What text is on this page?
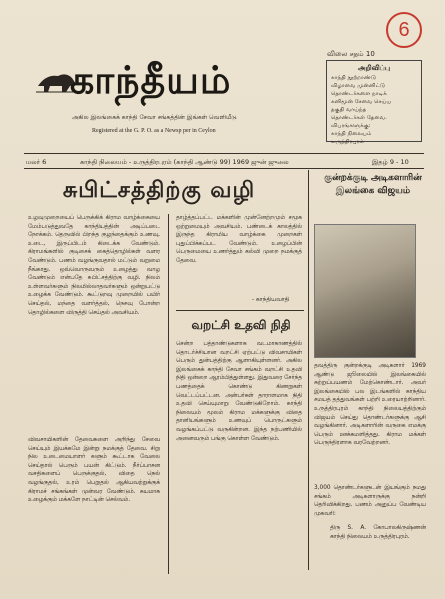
6
காந்தீயம்
விலை சதம் 10
அறிவிப்பு
காந்தி நூற்றாண்டு
விழாவை முன்னிட்டு
தொண்டர்களை நாடிக்
கனிமூன் சேவை செய்ய
தகுதி வாய்ந்த
தொண்டர்கள் தேவை.
விபரங்களுக்கு:
காந்தி நிலையம்
உருத்திரபுரம்
அகில இலங்கைக் காந்தி சேவா சங்கத்தின் இங்கள் வெளியீடு
Registered at the G. P. O. as a Newsp per in Ceylon
மலர் 6	காந்தி நிலையம் - உருத்திரபுரம் (காந்தி ஆண்டு 99) 1969 ஜுன் ஜுலை	இதழ் 9 - 10
சுபிட்சத்திற்கு வழி	குன்றக்குடி அடிகளாரின் இலங்கை விஜயம்
தவத்திரு குன்றக்குடி அடிகளார் 1969 ஆண்டு ஜூலையில் இலங்கையில் சுற்றுப்பயணம் மேற்கொண்டார். அவர் இலங்கையில் பல இடங்களில் காந்திய சமயத் தத்துவங்கள் பற்றி உரையாற்றினார். உருத்திரபுரம் காந்தி நிலையத்திற்கும் விஜயம் செய்து தொண்டர்களுக்கு ஆசி வழங்கினார். அடிகளாரின் வருகை எமக்கு பெரும் ஊக்கமளித்தது. கிராம மக்கள் பெருந்திரளாக வரவேற்றனர்.
3,000 தொண்டர்களுடன் இயங்கும் நமது சங்கம் அடிகளாருக்கு நன்றி தெரிவிக்கிறது. பணம் அனுப்ப வேண்டிய முகவரி:
திரு S. A. கோபாலகிருஷ்ணன் காந்தி நிலையம் உருத்திரபுரம்.
உழவுமுறையைப் பெருக்கிக் கிராம வாழ்க்கையை மேம்படுத்துவதே காந்தியத்தின் அடிப்படை நோக்கம். தெருவில் பிறந்த குழந்தைக்கும் உணவு, உடை, இருப்பிடம் கிடைக்க வேண்டும். கிராமங்களில் குடிசைக் கைத்தொழில்கள் வளர வேண்டும். பணம் வழங்குவதால் மட்டும் வறுமை நீங்காது. ஒவ்வொருவரும் உழைத்து வாழ வேண்டும் என்பதே சுபிட்சத்திற்கு வழி. நிலம் உள்ளவர்களும் நிலமில்லாதவர்களும் ஒன்றுபட்டு உழைக்க வேண்டும். கூட்டுறவு முறையில் பயிர் செய்தல், மந்தை வளர்த்தல், நெசவு போன்ற தொழில்களை விருத்தி செய்தல் அவசியம்.
விவசாயிகளின் தேவைகளை அறிந்து சேவை செய்யும் இயக்கமே இன்று நமக்குத் தேவை. சிறு நில உடைமையாளர் களும் கூட்டாக வேலை செய்தால் பெரும் பயன் கிட்டும். நீர்ப்பாசன வசதிகளைப் பெருக்குதல், விதை நெல் வழங்குதல், உரம் பெறுதல் ஆகியவற்றுக்குக் கிராமச் சங்கங்கள் முன்வர வேண்டும். சுயமாக உழைக்கும் மக்களே நாட்டின் செல்வம்.
தாழ்த்தப்பட்ட மக்களின் முன்னேற்றமும் சமூக ஒற்றுமையும் அவசியம். பண்டைக் காலத்தில் இருந்த கிராமிய வாழ்க்கை முறைகள் புதுப்பிக்கப்பட வேண்டும். உழைப்பின் பெருமையை உணர்த்தும் கல்வி முறை நமக்குத் தேவை.
- காந்தியவாதி
வறட்சி உதவி நிதி
சென்ற பத்தாண்டுகளாக வடமாகாணத்தில் தொடர்ச்சியான வறட்சி ஏற்பட்டு விவசாயிகள் பெரும் துன்பத்திற்கு ஆளாகியுள்ளனர். அகில இலங்கைக் காந்தி சேவா சங்கம் வறட்சி உதவி நிதி ஒன்றை ஆரம்பித்துள்ளது. இதுவரை சேர்ந்த பணத்தைக் கொண்டு கிணறுகள் வெட்டப்பட்டன. அன்பர்கள் தாராளமாக நிதி உதவி செய்யுமாறு வேண்டுகிறோம். காந்தி நிலையம் மூலம் கிராம மக்களுக்கு விதை தானியங்களும் உணவுப் பொருட்களும் வழங்கப்பட்டு வருகின்றன. இந்த நற்பணியில் அனைவரும் பங்கு கொள்ள வேண்டும்.
